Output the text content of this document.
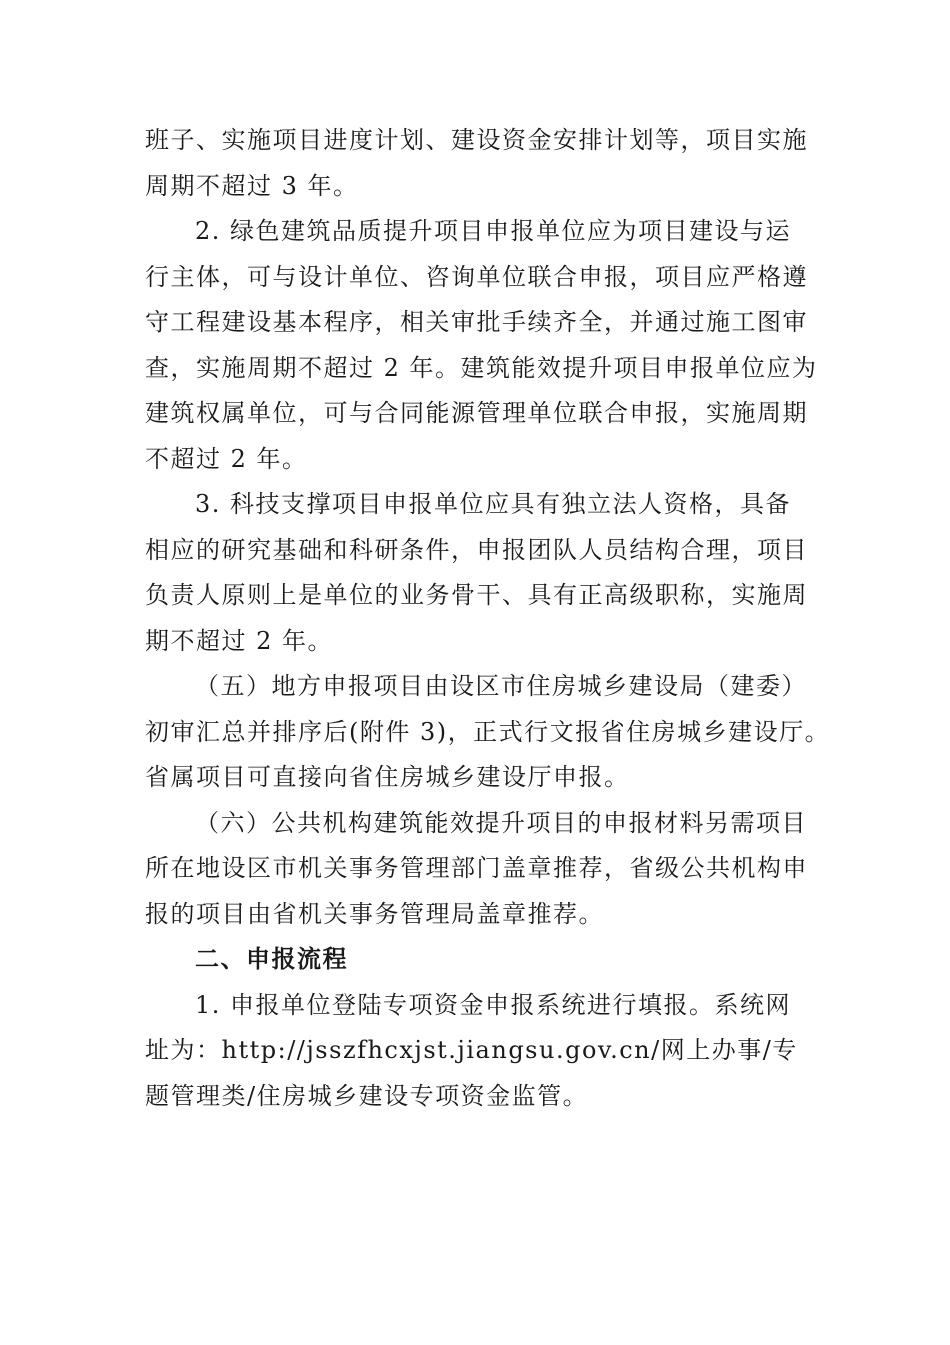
班子、实施项目进度计划、建设资金安排计划等，项目实施
周期不超过 3 年。

2. 绿色建筑品质提升项目申报单位应为项目建设与运
行主体，可与设计单位、咨询单位联合申报，项目应严格遵
守工程建设基本程序，相关审批手续齐全，并通过施工图审
查，实施周期不超过 2 年。建筑能效提升项目申报单位应为
建筑权属单位，可与合同能源管理单位联合申报，实施周期
不超过 2 年。

3. 科技支撑项目申报单位应具有独立法人资格，具备
相应的研究基础和科研条件，申报团队人员结构合理，项目
负责人原则上是单位的业务骨干、具有正高级职称，实施周
期不超过 2 年。

（五）地方申报项目由设区市住房城乡建设局（建委）
初审汇总并排序后(附件 3)，正式行文报省住房城乡建设厅。
省属项目可直接向省住房城乡建设厅申报。

（六）公共机构建筑能效提升项目的申报材料另需项目
所在地设区市机关事务管理部门盖章推荐，省级公共机构申
报的项目由省机关事务管理局盖章推荐。

二、申报流程

1. 申报单位登陆专项资金申报系统进行填报。系统网
址为：http://jsszfhcxjst.jiangsu.gov.cn/网上办事/专
题管理类/住房城乡建设专项资金监管。
